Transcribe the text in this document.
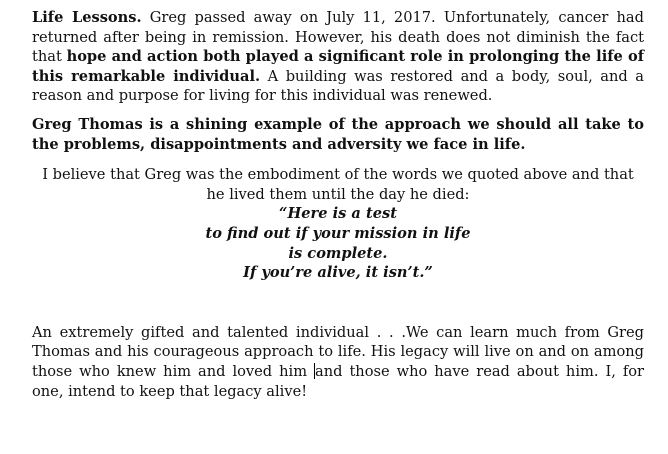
Life Lessons. Greg passed away on July 11, 2017. Unfortunately, cancer had returned after being in remission. However, his death does not diminish the fact that hope and action both played a significant role in prolonging the life of this remarkable individual. A building was restored and a body, soul, and a reason and purpose for living for this individual was renewed.

Greg Thomas is a shining example of the approach we should all take to the problems, disappointments and adversity we face in life.

I believe that Greg was the embodiment of the words we quoted above and that he lived them until the day he died:

“Here is a test

to find out if your mission in life

is complete.

If you’re alive, it isn’t.”

An extremely gifted and talented individual . . .We can learn much from Greg Thomas and his courageous approach to life. His legacy will live on and on among those who knew him and loved him and those who have read about him. I, for one, intend to keep that legacy alive!
